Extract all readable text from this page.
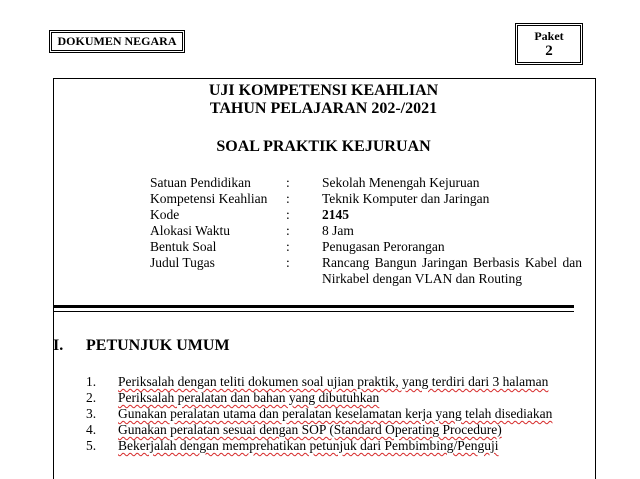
DOKUMEN NEGARA	Paket
2
UJI KOMPETENSI KEAHLIAN
TAHUN PELAJARAN 202-/2021
SOAL PRAKTIK KEJURUAN
Satuan Pendidikan	: Sekolah Menengah Kejuruan
Kompetensi Keahlian : Teknik Komputer dan Jaringan
Kode	: 2145
Alokasi Waktu	: 8 Jam
Bentuk Soal	: Penugasan Perorangan
Judul Tugas	: Rancang Bangun Jaringan Berbasis Kabel dan Nirkabel dengan VLAN dan Routing
I. PETUNJUK UMUM
1. Periksalah dengan teliti dokumen soal ujian praktik, yang terdiri dari 3 halaman
2. Periksalah peralatan dan bahan yang dibutuhkan
3. Gunakan peralatan utama dan peralatan keselamatan kerja yang telah disediakan
4. Gunakan peralatan sesuai dengan SOP (Standard Operating Procedure)
5. Bekerjalah dengan memprehatikan petunjuk dari Pembimbing/Penguji
